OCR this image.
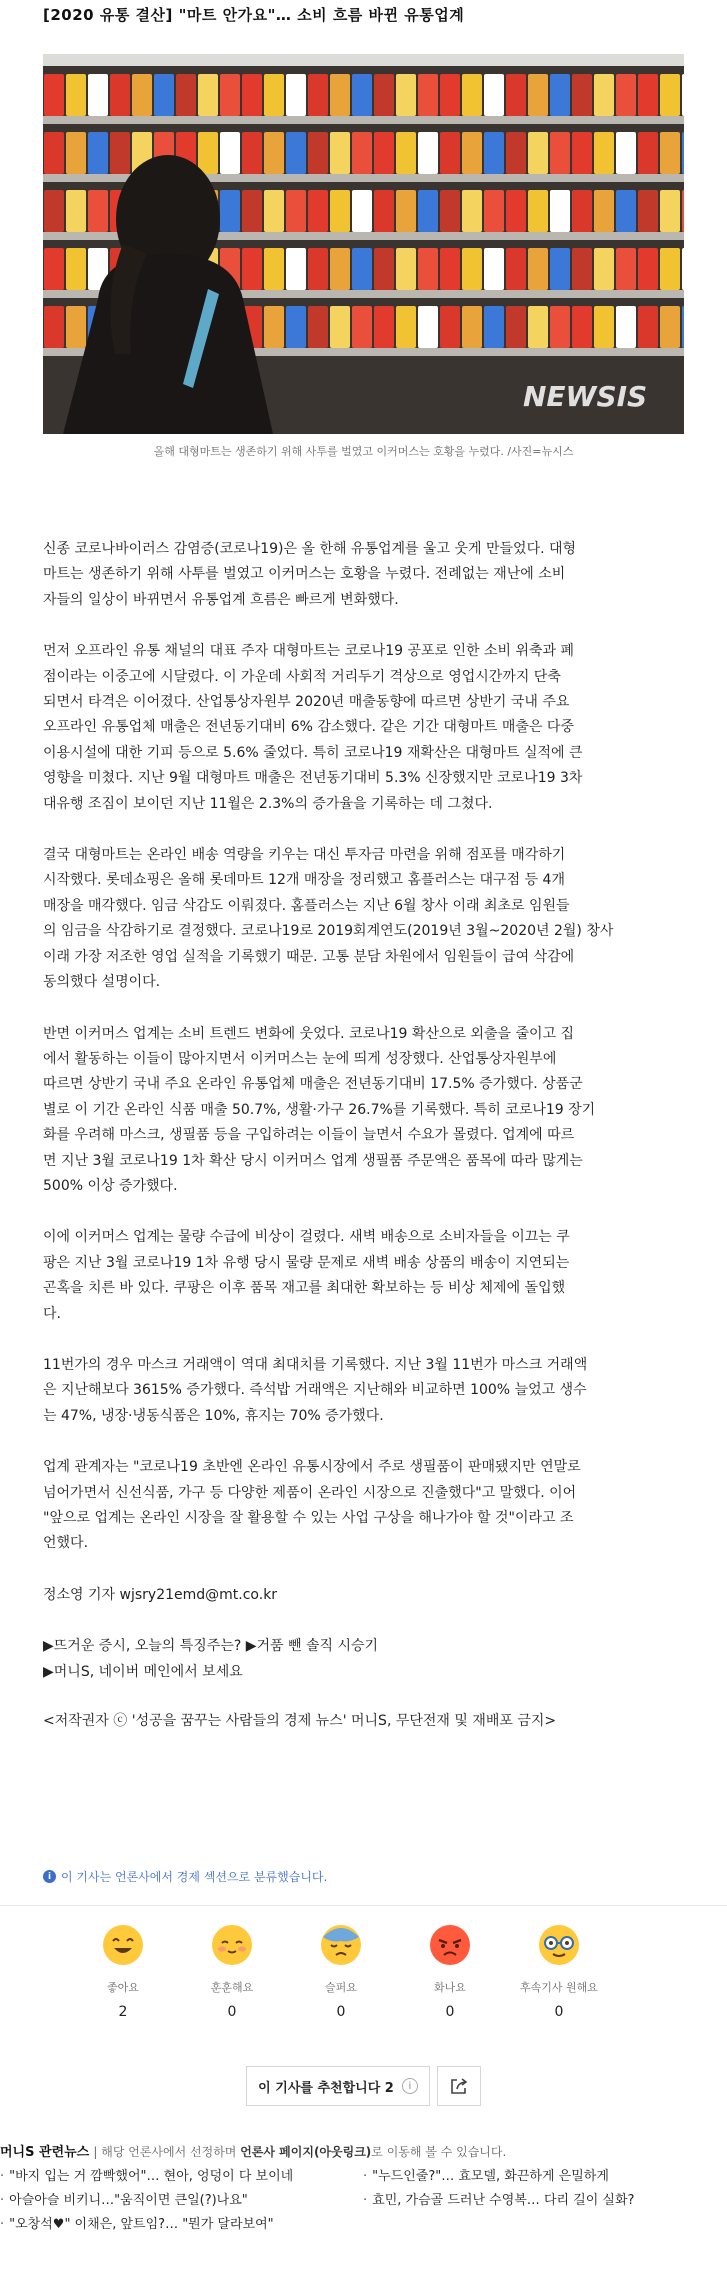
[2020 유통 결산] "마트 안가요"… 소비 흐름 바뀐 유통업계
NEWSIS
올해 대형마트는 생존하기 위해 사투를 벌였고 이커머스는 호황을 누렸다. /사진=뉴시스

신종 코로나바이러스 감염증(코로나19)은 올 한해 유통업계를 울고 웃게 만들었다. 대형
마트는 생존하기 위해 사투를 벌였고 이커머스는 호황을 누렸다. 전례없는 재난에 소비
자들의 일상이 바뀌면서 유통업계 흐름은 빠르게 변화했다.

먼저 오프라인 유통 채널의 대표 주자 대형마트는 코로나19 공포로 인한 소비 위축과 폐
점이라는 이중고에 시달렸다. 이 가운데 사회적 거리두기 격상으로 영업시간까지 단축
되면서 타격은 이어졌다. 산업통상자원부 2020년 매출동향에 따르면 상반기 국내 주요
오프라인 유통업체 매출은 전년동기대비 6% 감소했다. 같은 기간 대형마트 매출은 다중
이용시설에 대한 기피 등으로 5.6% 줄었다. 특히 코로나19 재확산은 대형마트 실적에 큰
영향을 미쳤다. 지난 9월 대형마트 매출은 전년동기대비 5.3% 신장했지만 코로나19 3차
대유행 조짐이 보이던 지난 11월은 2.3%의 증가율을 기록하는 데 그쳤다.

결국 대형마트는 온라인 배송 역량을 키우는 대신 투자금 마련을 위해 점포를 매각하기
시작했다. 롯데쇼핑은 올해 롯데마트 12개 매장을 정리했고 홈플러스는 대구점 등 4개
매장을 매각했다. 임금 삭감도 이뤄졌다. 홈플러스는 지난 6월 창사 이래 최초로 임원들
의 임금을 삭감하기로 결정했다. 코로나19로 2019회계연도(2019년 3월~2020년 2월) 창사
이래 가장 저조한 영업 실적을 기록했기 때문. 고통 분담 차원에서 임원들이 급여 삭감에
동의했다 설명이다.

반면 이커머스 업계는 소비 트렌드 변화에 웃었다. 코로나19 확산으로 외출을 줄이고 집
에서 활동하는 이들이 많아지면서 이커머스는 눈에 띄게 성장했다. 산업통상자원부에
따르면 상반기 국내 주요 온라인 유통업체 매출은 전년동기대비 17.5% 증가했다. 상품군
별로 이 기간 온라인 식품 매출 50.7%, 생활·가구 26.7%를 기록했다. 특히 코로나19 장기
화를 우려해 마스크, 생필품 등을 구입하려는 이들이 늘면서 수요가 몰렸다. 업계에 따르
면 지난 3월 코로나19 1차 확산 당시 이커머스 업계 생필품 주문액은 품목에 따라 많게는
500% 이상 증가했다.

이에 이커머스 업계는 물량 수급에 비상이 걸렸다. 새벽 배송으로 소비자들을 이끄는 쿠
팡은 지난 3월 코로나19 1차 유행 당시 물량 문제로 새벽 배송 상품의 배송이 지연되는
곤혹을 치른 바 있다. 쿠팡은 이후 품목 재고를 최대한 확보하는 등 비상 체제에 돌입했
다.

11번가의 경우 마스크 거래액이 역대 최대치를 기록했다. 지난 3월 11번가 마스크 거래액
은 지난해보다 3615% 증가했다. 즉석밥 거래액은 지난해와 비교하면 100% 늘었고 생수
는 47%, 냉장·냉동식품은 10%, 휴지는 70% 증가했다.

업계 관계자는 "코로나19 초반엔 온라인 유통시장에서 주로 생필품이 판매됐지만 연말로
넘어가면서 신선식품, 가구 등 다양한 제품이 온라인 시장으로 진출했다"고 말했다. 이어
"앞으로 업계는 온라인 시장을 잘 활용할 수 있는 사업 구상을 해나가야 할 것"이라고 조
언했다.

정소영 기자 wjsry21emd@mt.co.kr

▶뜨거운 증시, 오늘의 특징주는? ▶거품 뺀 솔직 시승기
▶머니S, 네이버 메인에서 보세요
<저작권자 ⓒ '성공을 꿈꾸는 사람들의 경제 뉴스' 머니S, 무단전재 및 재배포 금지>
i 이 기사는 언론사에서 경제 섹션으로 분류했습니다.
좋아요
2
훈훈해요
0
슬퍼요
0
화나요
0
후속기사 원해요
0
이 기사를 추천합니다 2	i
머니S 관련뉴스 | 해당 언론사에서 선정하며 언론사 페이지(아웃링크)로 이동해 볼 수 있습니다.
· "바지 입는 거 깜빡했어"… 현아, 엉덩이 다 보이네	· "누드인줄?"… 효모델, 화끈하게 은밀하게
· 아슬아슬 비키니…"움직이면 큰일(?)나요"	· 효민, 가슴골 드러난 수영복… 다리 길이 실화?
· "오창석♥" 이채은, 앞트임?… "뭔가 달라보여"
